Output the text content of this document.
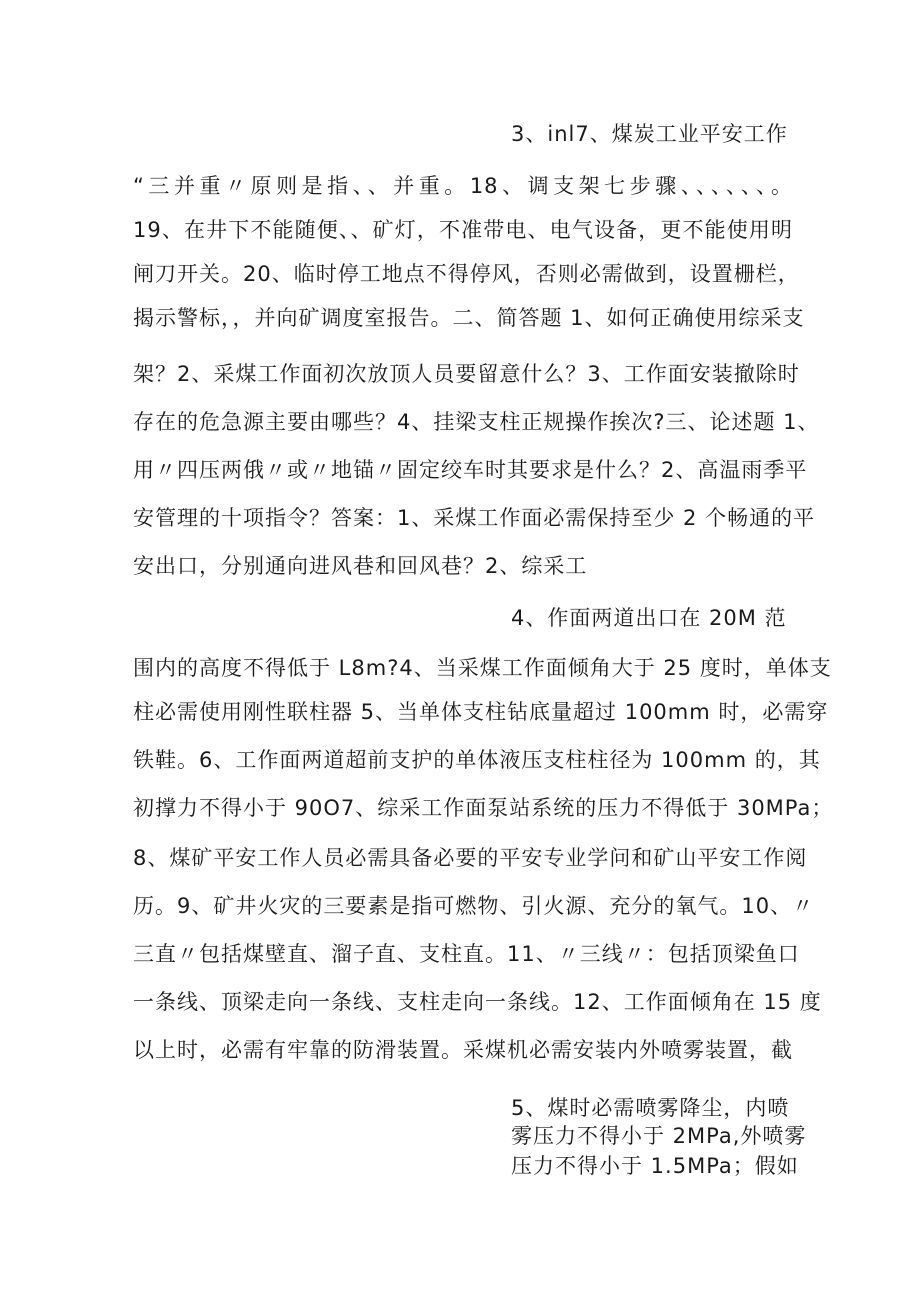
3、inl7、煤炭工业平安工作
“三并重〃原则是指、、并重。18、调支架七步骤、、、、、、。
19、在井下不能随便、、矿灯，不准带电、电气设备，更不能使用明
闸刀开关。20、临时停工地点不得停风，否则必需做到，设置栅栏，
揭示警标，，并向矿调度室报告。二、简答题 1、如何正确使用综采支
架？2、采煤工作面初次放顶人员要留意什么？3、工作面安装撤除时
存在的危急源主要由哪些？4、挂梁支柱正规操作挨次?三、论述题 1、
用〃四压两俄〃或〃地锚〃固定绞车时其要求是什么？2、高温雨季平
安管理的十项指令？答案：1、采煤工作面必需保持至少 2 个畅通的平
安出口，分别通向进风巷和回风巷？2、综采工
4、作面两道出口在 20M 范
围内的高度不得低于 L8m?4、当采煤工作面倾角大于 25 度时，单体支
柱必需使用刚性联柱器 5、当单体支柱钻底量超过 100mm 时，必需穿
铁鞋。6、工作面两道超前支护的单体液压支柱柱径为 100mm 的，其
初撑力不得小于 90O7、综采工作面泵站系统的压力不得低于 30MPa；
8、煤矿平安工作人员必需具备必要的平安专业学问和矿山平安工作阅
历。9、矿井火灾的三要素是指可燃物、引火源、充分的氧气。10、〃
三直〃包括煤壁直、溜子直、支柱直。11、〃三线〃：包括顶梁鱼口
一条线、顶梁走向一条线、支柱走向一条线。12、工作面倾角在 15 度
以上时，必需有牢靠的防滑装置。采煤机必需安装内外喷雾装置，截
5、煤时必需喷雾降尘，内喷
雾压力不得小于 2MPa,外喷雾
压力不得小于 1.5MPa；假如
